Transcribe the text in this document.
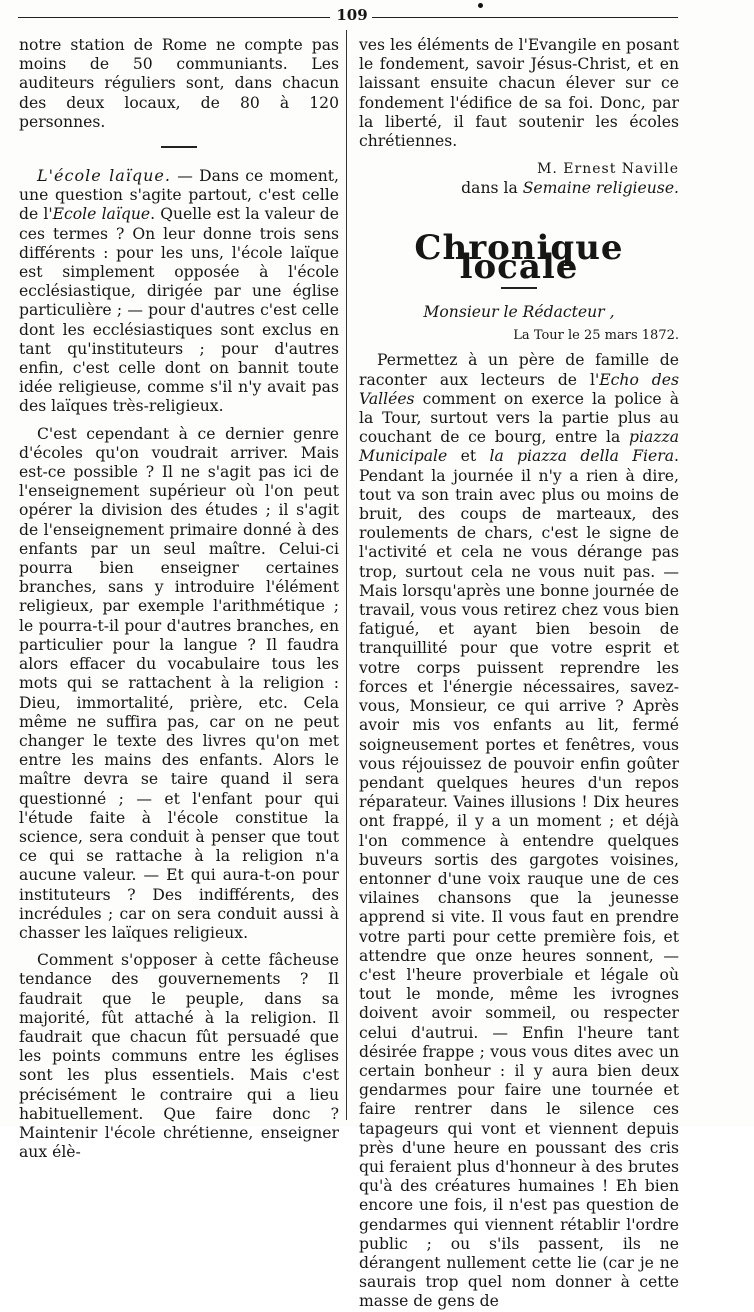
109

notre station de Rome ne compte pas moins de 50 communiants. Les auditeurs réguliers sont, dans chacun des deux locaux, de 80 à 120 personnes.

L'école laïque. — Dans ce moment, une question s'agite partout, c'est celle de l'Ecole laïque. Quelle est la valeur de ces termes ? On leur donne trois sens différents : pour les uns, l'école laïque est simplement opposée à l'école ecclésiastique, dirigée par une église particulière ; — pour d'autres c'est celle dont les ecclésiastiques sont exclus en tant qu'instituteurs ; pour d'autres enfin, c'est celle dont on bannit toute idée religieuse, comme s'il n'y avait pas des laïques très-religieux.

C'est cependant à ce dernier genre d'écoles qu'on voudrait arriver. Mais est-ce possible ? Il ne s'agit pas ici de l'enseignement supérieur où l'on peut opérer la division des études ; il s'agit de l'enseignement primaire donné à des enfants par un seul maître. Celui-ci pourra bien enseigner certaines branches, sans y introduire l'élément religieux, par exemple l'arithmétique ; le pourra-t-il pour d'autres branches, en particulier pour la langue ? Il faudra alors effacer du vocabulaire tous les mots qui se rattachent à la religion : Dieu, immortalité, prière, etc. Cela même ne suffira pas, car on ne peut changer le texte des livres qu'on met entre les mains des enfants. Alors le maître devra se taire quand il sera questionné ; — et l'enfant pour qui l'étude faite à l'école constitue la science, sera conduit à penser que tout ce qui se rattache à la religion n'a aucune valeur. — Et qui aura-t-on pour instituteurs ? Des indifférents, des incrédules ; car on sera conduit aussi à chasser les laïques religieux.

Comment s'opposer à cette fâcheuse tendance des gouvernements ? Il faudrait que le peuple, dans sa majorité, fût attaché à la religion. Il faudrait que chacun fût persuadé que les points communs entre les églises sont les plus essentiels. Mais c'est précisément le contraire qui a lieu habituellement. Que faire donc ? Maintenir l'école chrétienne, enseigner aux élè-

ves les éléments de l'Evangile en posant le fondement, savoir Jésus-Christ, et en laissant ensuite chacun élever sur ce fondement l'édifice de sa foi. Donc, par la liberté, il faut soutenir les écoles chrétiennes.

M. Ernest Naville
dans la Semaine religieuse.
Chronique locale
Monsieur le Rédacteur ,
La Tour le 25 mars 1872.

Permettez à un père de famille de raconter aux lecteurs de l'Echo des Vallées comment on exerce la police à la Tour, surtout vers la partie plus au couchant de ce bourg, entre la piazza Municipale et la piazza della Fiera. Pendant la journée il n'y a rien à dire, tout va son train avec plus ou moins de bruit, des coups de marteaux, des roulements de chars, c'est le signe de l'activité et cela ne vous dérange pas trop, surtout cela ne vous nuit pas. — Mais lorsqu'après une bonne journée de travail, vous vous retirez chez vous bien fatigué, et ayant bien besoin de tranquillité pour que votre esprit et votre corps puissent reprendre les forces et l'énergie nécessaires, savez-vous, Monsieur, ce qui arrive ? Après avoir mis vos enfants au lit, fermé soigneusement portes et fenêtres, vous vous réjouissez de pouvoir enfin goûter pendant quelques heures d'un repos réparateur. Vaines illusions ! Dix heures ont frappé, il y a un moment ; et déjà l'on commence à entendre quelques buveurs sortis des gargotes voisines, entonner d'une voix rauque une de ces vilaines chansons que la jeunesse apprend si vite. Il vous faut en prendre votre parti pour cette première fois, et attendre que onze heures sonnent, — c'est l'heure proverbiale et légale où tout le monde, même les ivrognes doivent avoir sommeil, ou respecter celui d'autrui. — Enfin l'heure tant désirée frappe ; vous vous dites avec un certain bonheur : il y aura bien deux gendarmes pour faire une tournée et faire rentrer dans le silence ces tapageurs qui vont et viennent depuis près d'une heure en poussant des cris qui feraient plus d'honneur à des brutes qu'à des créatures humaines ! Eh bien encore une fois, il n'est pas question de gendarmes qui viennent rétablir l'ordre public ; ou s'ils passent, ils ne dérangent nullement cette lie (car je ne saurais trop quel nom donner à cette masse de gens de
